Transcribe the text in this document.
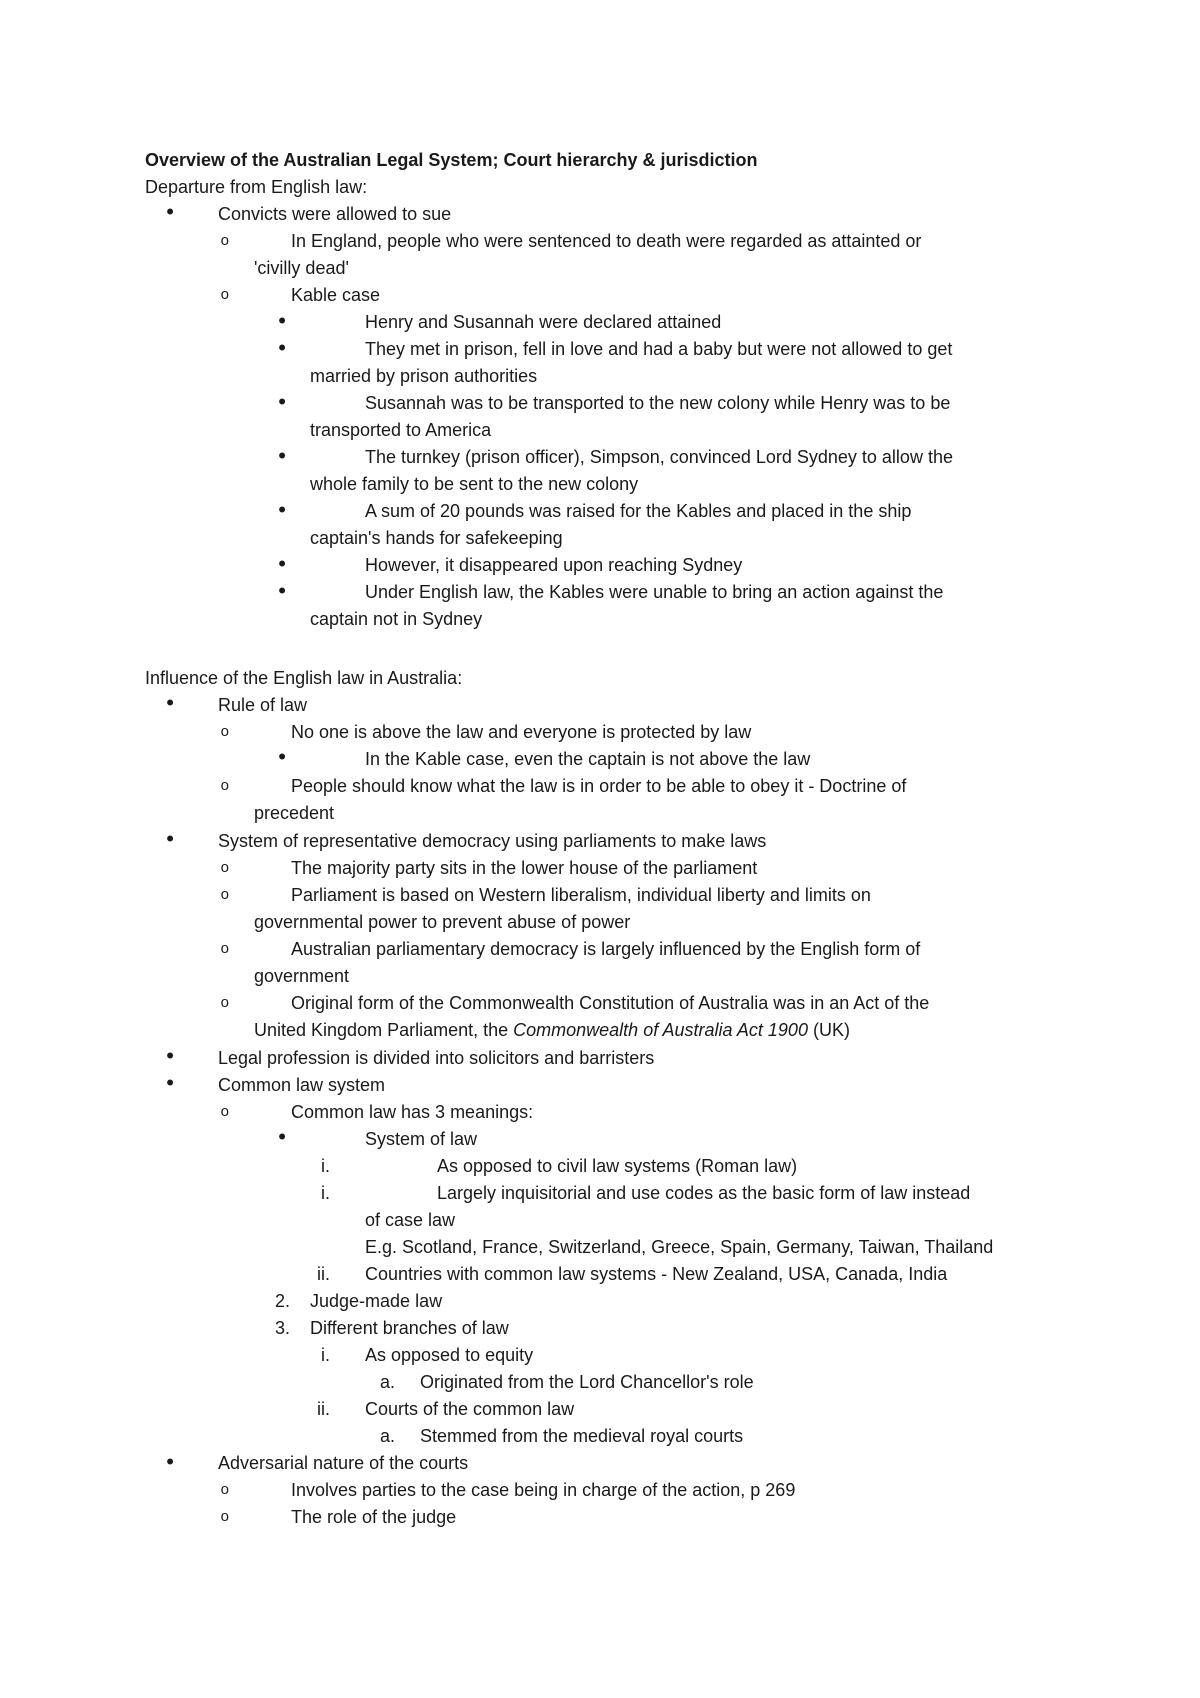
Overview of the Australian Legal System; Court hierarchy & jurisdiction
Departure from English law:
•
Convicts were allowed to sue
o
In England, people who were sentenced to death were regarded as attainted or
'civilly dead'
o
Kable case
•
Henry and Susannah were declared attained
•
They met in prison, fell in love and had a baby but were not allowed to get
married by prison authorities
•
Susannah was to be transported to the new colony while Henry was to be
transported to America
•
The turnkey (prison officer), Simpson, convinced Lord Sydney to allow the
whole family to be sent to the new colony
•
A sum of 20 pounds was raised for the Kables and placed in the ship
captain's hands for safekeeping
•
However, it disappeared upon reaching Sydney
•
Under English law, the Kables were unable to bring an action against the
captain not in Sydney
Influence of the English law in Australia:
•
Rule of law
o
No one is above the law and everyone is protected by law
•
In the Kable case, even the captain is not above the law
o
People should know what the law is in order to be able to obey it - Doctrine of
precedent
•
System of representative democracy using parliaments to make laws
o
The majority party sits in the lower house of the parliament
o
Parliament is based on Western liberalism, individual liberty and limits on
governmental power to prevent abuse of power
o
Australian parliamentary democracy is largely influenced by the English form of
government
o
Original form of the Commonwealth Constitution of Australia was in an Act of the
United Kingdom Parliament, the Commonwealth of Australia Act 1900 (UK)
•
Legal profession is divided into solicitors and barristers
•
Common law system
o
Common law has 3 meanings:
•
System of law
i.	As opposed to civil law systems (Roman law)
i.	Largely inquisitorial and use codes as the basic form of law instead
of case law
E.g. Scotland, France, Switzerland, Greece, Spain, Germany, Taiwan, Thailand
ii. Countries with common law systems - New Zealand, USA, Canada, India
2. Judge-made law
3. Different branches of law
i. As opposed to equity
a. Originated from the Lord Chancellor's role
ii. Courts of the common law
a. Stemmed from the medieval royal courts
•
Adversarial nature of the courts
o
Involves parties to the case being in charge of the action, p 269
o
The role of the judge
